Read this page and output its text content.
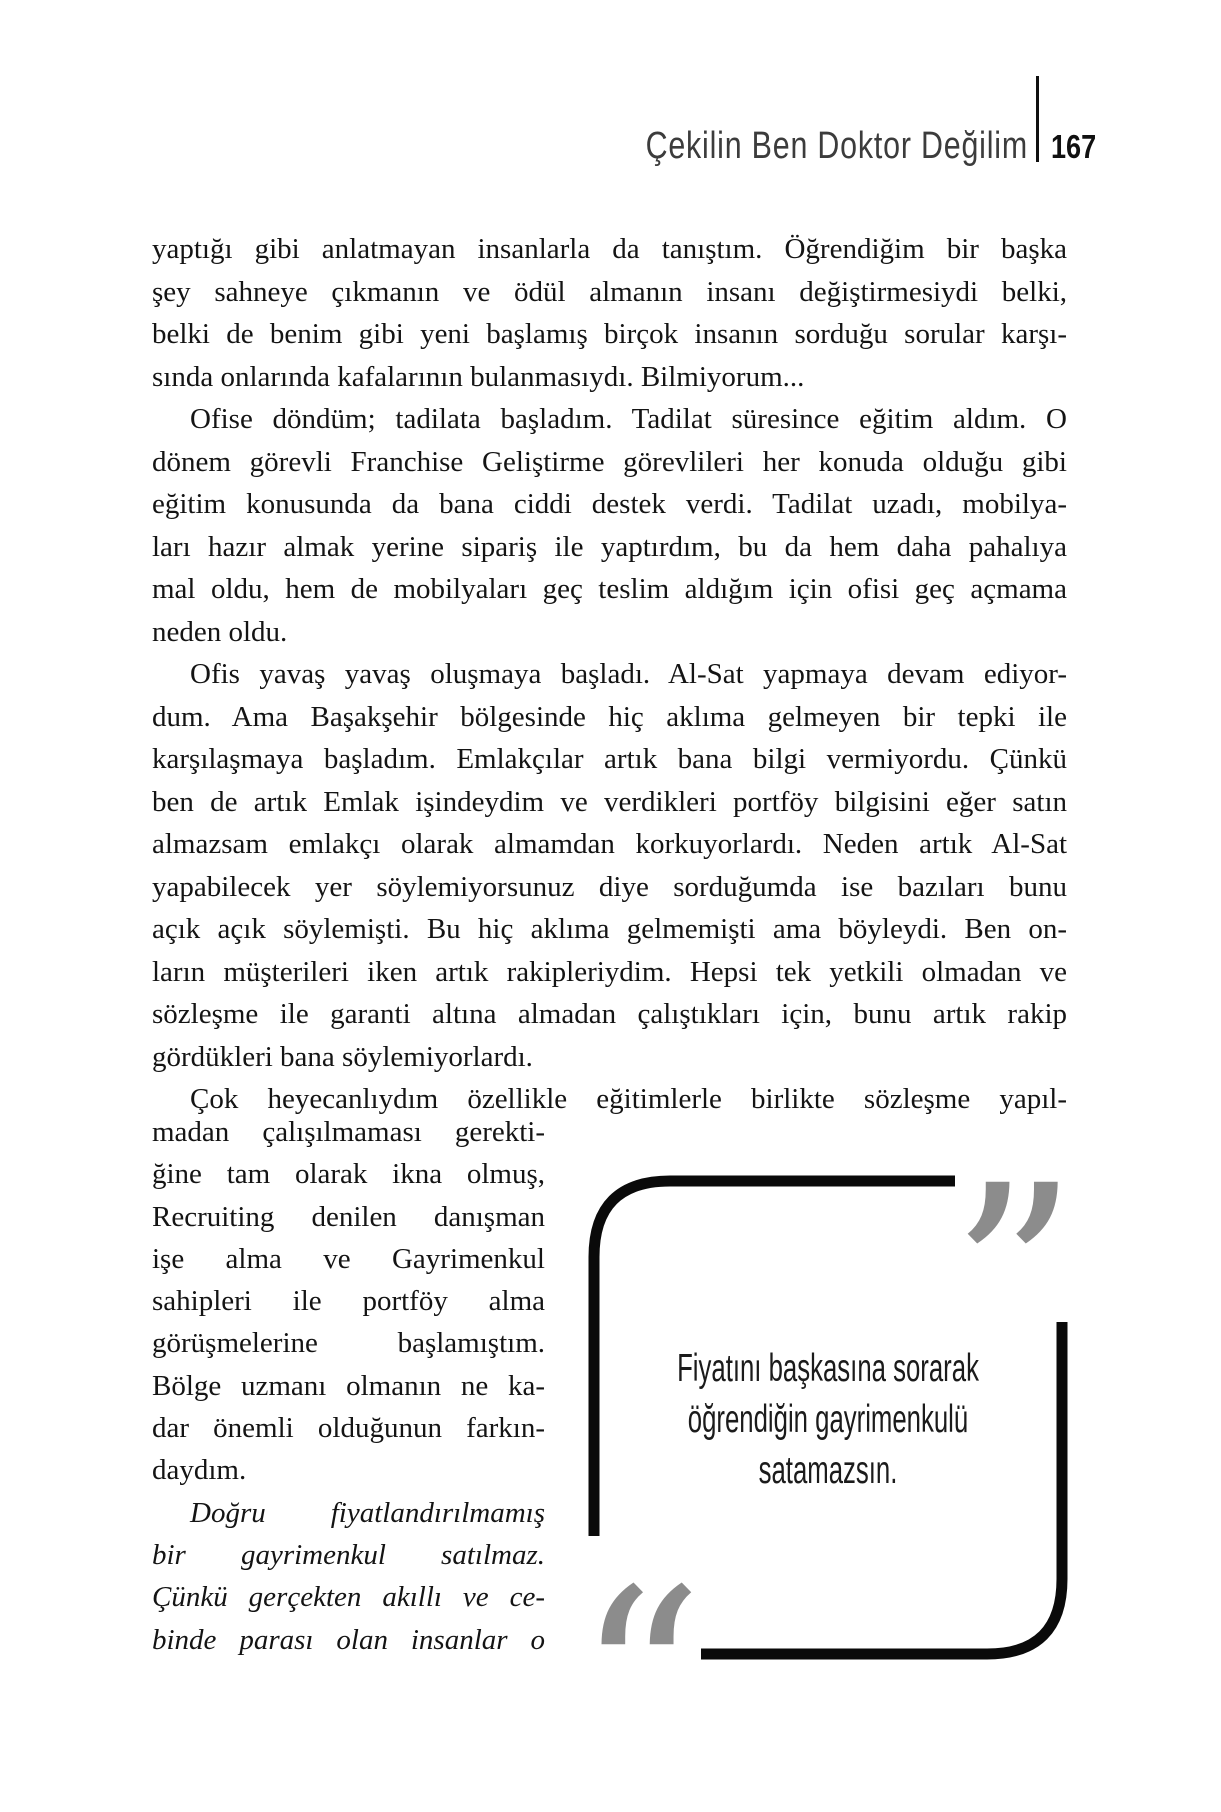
Çekilin Ben Doktor Değilim 167
yaptığı gibi anlatmayan insanlarla da tanıştım. Öğrendiğim bir başka
şey sahneye çıkmanın ve ödül almanın insanı değiştirmesiydi belki,
belki de benim gibi yeni başlamış birçok insanın sorduğu sorular karşı-
sında onlarında kafalarının bulanmasıydı. Bilmiyorum...
Ofise döndüm; tadilata başladım. Tadilat süresince eğitim aldım. O
dönem görevli Franchise Geliştirme görevlileri her konuda olduğu gibi
eğitim konusunda da bana ciddi destek verdi. Tadilat uzadı, mobilya-
ları hazır almak yerine sipariş ile yaptırdım, bu da hem daha pahalıya
mal oldu, hem de mobilyaları geç teslim aldığım için ofisi geç açmama
neden oldu.
Ofis yavaş yavaş oluşmaya başladı. Al-Sat yapmaya devam ediyor-
dum. Ama Başakşehir bölgesinde hiç aklıma gelmeyen bir tepki ile
karşılaşmaya başladım. Emlakçılar artık bana bilgi vermiyordu. Çünkü
ben de artık Emlak işindeydim ve verdikleri portföy bilgisini eğer satın
almazsam emlakçı olarak almamdan korkuyorlardı. Neden artık Al-Sat
yapabilecek yer söylemiyorsunuz diye sorduğumda ise bazıları bunu
açık açık söylemişti. Bu hiç aklıma gelmemişti ama böyleydi. Ben on-
ların müşterileri iken artık rakipleriydim. Hepsi tek yetkili olmadan ve
sözleşme ile garanti altına almadan çalıştıkları için, bunu artık rakip
gördükleri bana söylemiyorlardı.
Çok heyecanlıydım özellikle eğitimlerle birlikte sözleşme yapıl-
madan çalışılmaması gerekti-
ğine tam olarak ikna olmuş,
Recruiting denilen danışman
işe alma ve Gayrimenkul
sahipleri ile portföy alma
görüşmelerine başlamıştım.
Bölge uzmanı olmanın ne ka-
dar önemli olduğunun farkın-
daydım.
Doğru fiyatlandırılmamış
bir gayrimenkul satılmaz.
Çünkü gerçekten akıllı ve ce-
binde parası olan insanlar o
”
“
Fiyatını başkasına sorarak
öğrendiğin gayrimenkulü
satamazsın.
